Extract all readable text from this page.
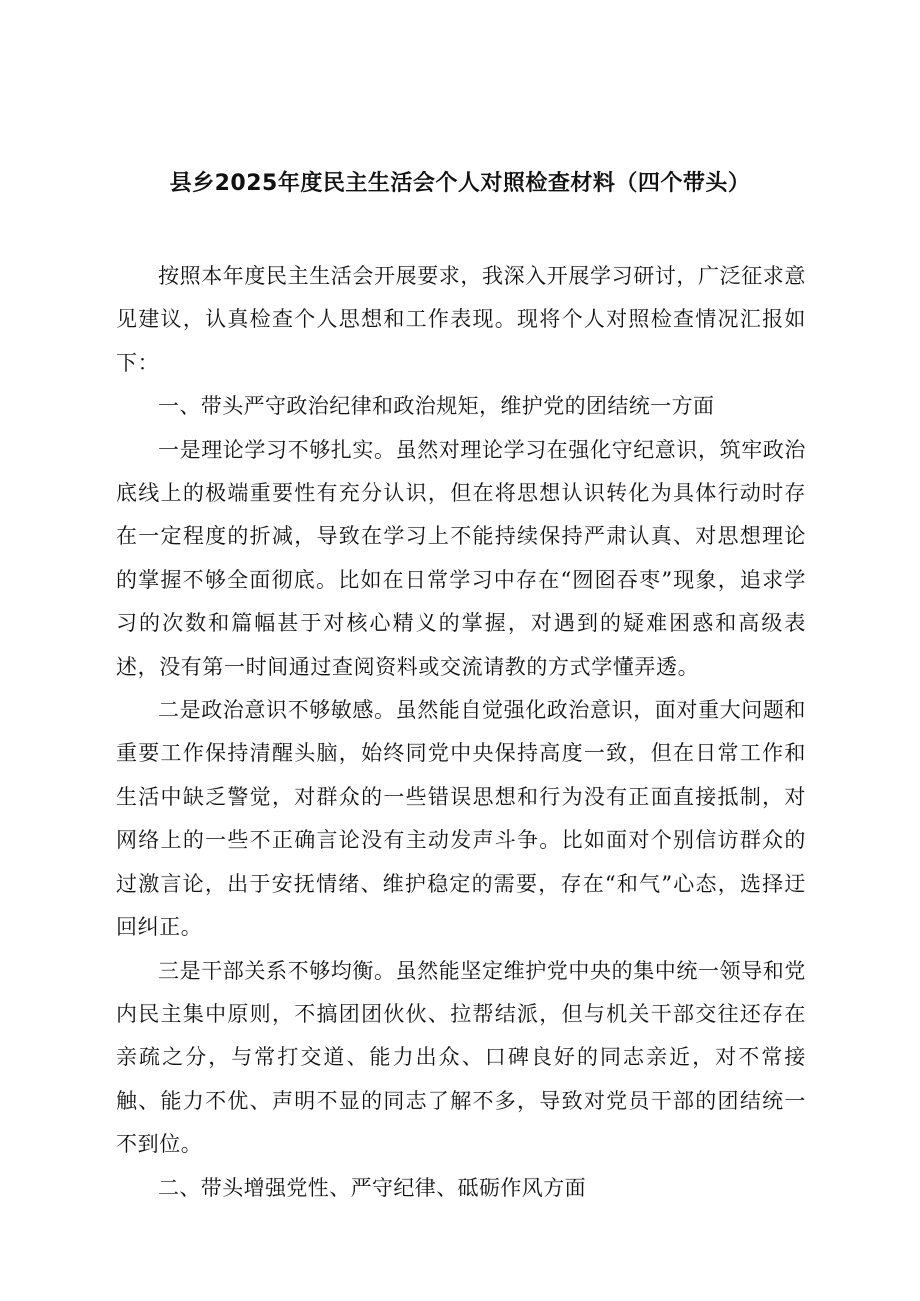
县乡2025年度民主生活会个人对照检查材料（四个带头）

按照本年度民主生活会开展要求，我深入开展学习研讨，广泛征求意见建议，认真检查个人思想和工作表现。现将个人对照检查情况汇报如下：

一、带头严守政治纪律和政治规矩，维护党的团结统一方面

一是理论学习不够扎实。虽然对理论学习在强化守纪意识，筑牢政治底线上的极端重要性有充分认识，但在将思想认识转化为具体行动时存在一定程度的折减，导致在学习上不能持续保持严肃认真、对思想理论的掌握不够全面彻底。比如在日常学习中存在“囫囵吞枣”现象，追求学习的次数和篇幅甚于对核心精义的掌握，对遇到的疑难困惑和高级表述，没有第一时间通过查阅资料或交流请教的方式学懂弄透。

二是政治意识不够敏感。虽然能自觉强化政治意识，面对重大问题和重要工作保持清醒头脑，始终同党中央保持高度一致，但在日常工作和生活中缺乏警觉，对群众的一些错误思想和行为没有正面直接抵制，对网络上的一些不正确言论没有主动发声斗争。比如面对个别信访群众的过激言论，出于安抚情绪、维护稳定的需要，存在“和气”心态，选择迂回纠正。

三是干部关系不够均衡。虽然能坚定维护党中央的集中统一领导和党内民主集中原则，不搞团团伙伙、拉帮结派，但与机关干部交往还存在亲疏之分，与常打交道、能力出众、口碑良好的同志亲近，对不常接触、能力不优、声明不显的同志了解不多，导致对党员干部的团结统一不到位。

二、带头增强党性、严守纪律、砥砺作风方面
